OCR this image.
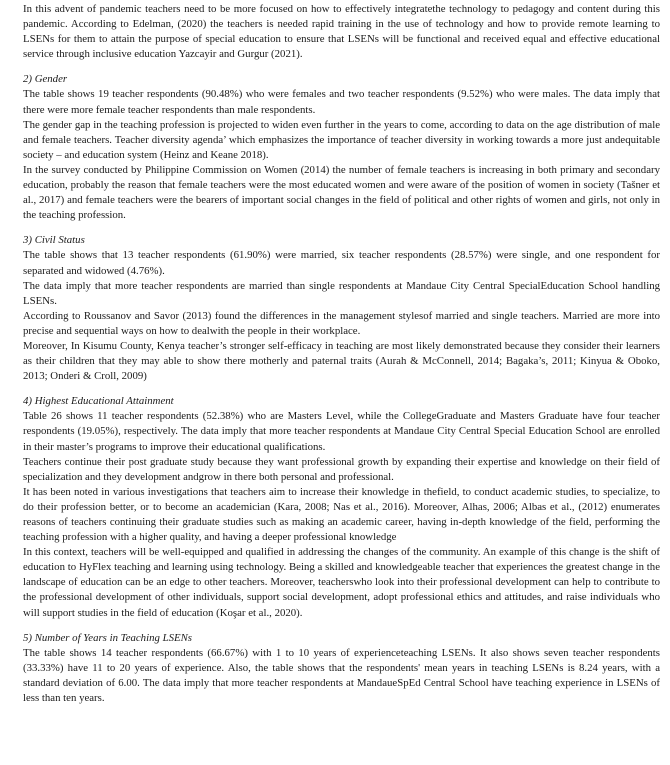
In this advent of pandemic teachers need to be more focused on how to effectively integratethe technology to pedagogy and content during this pandemic. According to Edelman, (2020) the teachers is needed rapid training in the use of technology and how to provide remote learning to LSENs for them to attain the purpose of special education to ensure that LSENs will be functional and received equal and effective educational service through inclusive education Yazcayir and Gurgur (2021).

2) Gender

The table shows 19 teacher respondents (90.48%) who were females and two teacher respondents (9.52%) who were males. The data imply that there were more female teacher respondents than male respondents.

The gender gap in the teaching profession is projected to widen even further in the years to come, according to data on the age distribution of male and female teachers. Teacher diversity agenda’ which emphasizes the importance of teacher diversity in working towards a more just andequitable society – and education system (Heinz and Keane 2018).

In the survey conducted by Philippine Commission on Women (2014) the number of female teachers is increasing in both primary and secondary education, probably the reason that female teachers were the most educated women and were aware of the position of women in society (Tašner et al., 2017) and female teachers were the bearers of important social changes in the field of political and other rights of women and girls, not only in the teaching profession.

3) Civil Status

The table shows that 13 teacher respondents (61.90%) were married, six teacher respondents (28.57%) were single, and one respondent for separated and widowed (4.76%).

The data imply that more teacher respondents are married than single respondents at Mandaue City Central SpecialEducation School handling LSENs.

According to Roussanov and Savor (2013) found the differences in the management stylesof married and single teachers. Married are more into precise and sequential ways on how to dealwith the people in their workplace.

Moreover, In Kisumu County, Kenya teacher’s stronger self-efficacy in teaching are most likely demonstrated because they consider their learners as their children that they may able to show there motherly and paternal traits (Aurah & McConnell, 2014; Bagaka’s, 2011; Kinyua & Oboko, 2013; Onderi & Croll, 2009)

4) Highest Educational Attainment

Table 26 shows 11 teacher respondents (52.38%) who are Masters Level, while the CollegeGraduate and Masters Graduate have four teacher respondents (19.05%), respectively. The data imply that more teacher respondents at Mandaue City Central Special Education School are enrolled in their master’s programs to improve their educational qualifications.

Teachers continue their post graduate study because they want professional growth by expanding their expertise and knowledge on their field of specialization and they development andgrow in there both personal and professional.

It has been noted in various investigations that teachers aim to increase their knowledge in thefield, to conduct academic studies, to specialize, to do their profession better, or to become an academician (Kara, 2008; Nas et al., 2016). Moreover, Alhas, 2006; Albas et al., (2012) enumerates reasons of teachers continuing their graduate studies such as making an academic career, having in-depth knowledge of the field, performing the teaching profession with a higher quality, and having a deeper professional knowledge

In this context, teachers will be well-equipped and qualified in addressing the changes of the community. An example of this change is the shift of education to HyFlex teaching and learning using technology. Being a skilled and knowledgeable teacher that experiences the greatest change in the landscape of education can be an edge to other teachers. Moreover, teacherswho look into their professional development can help to contribute to the professional development of other individuals, support social development, adopt professional ethics and attitudes, and raise individuals who will support studies in the field of education (Koşar et al., 2020).

5) Number of Years in Teaching LSENs

The table shows 14 teacher respondents (66.67%) with 1 to 10 years of experienceteaching LSENs. It also shows seven teacher respondents (33.33%) have 11 to 20 years of experience. Also, the table shows that the respondents' mean years in teaching LSENs is 8.24 years, with a standard deviation of 6.00. The data imply that more teacher respondents at MandaueSpEd Central School have teaching experience in LSENs of less than ten years.
